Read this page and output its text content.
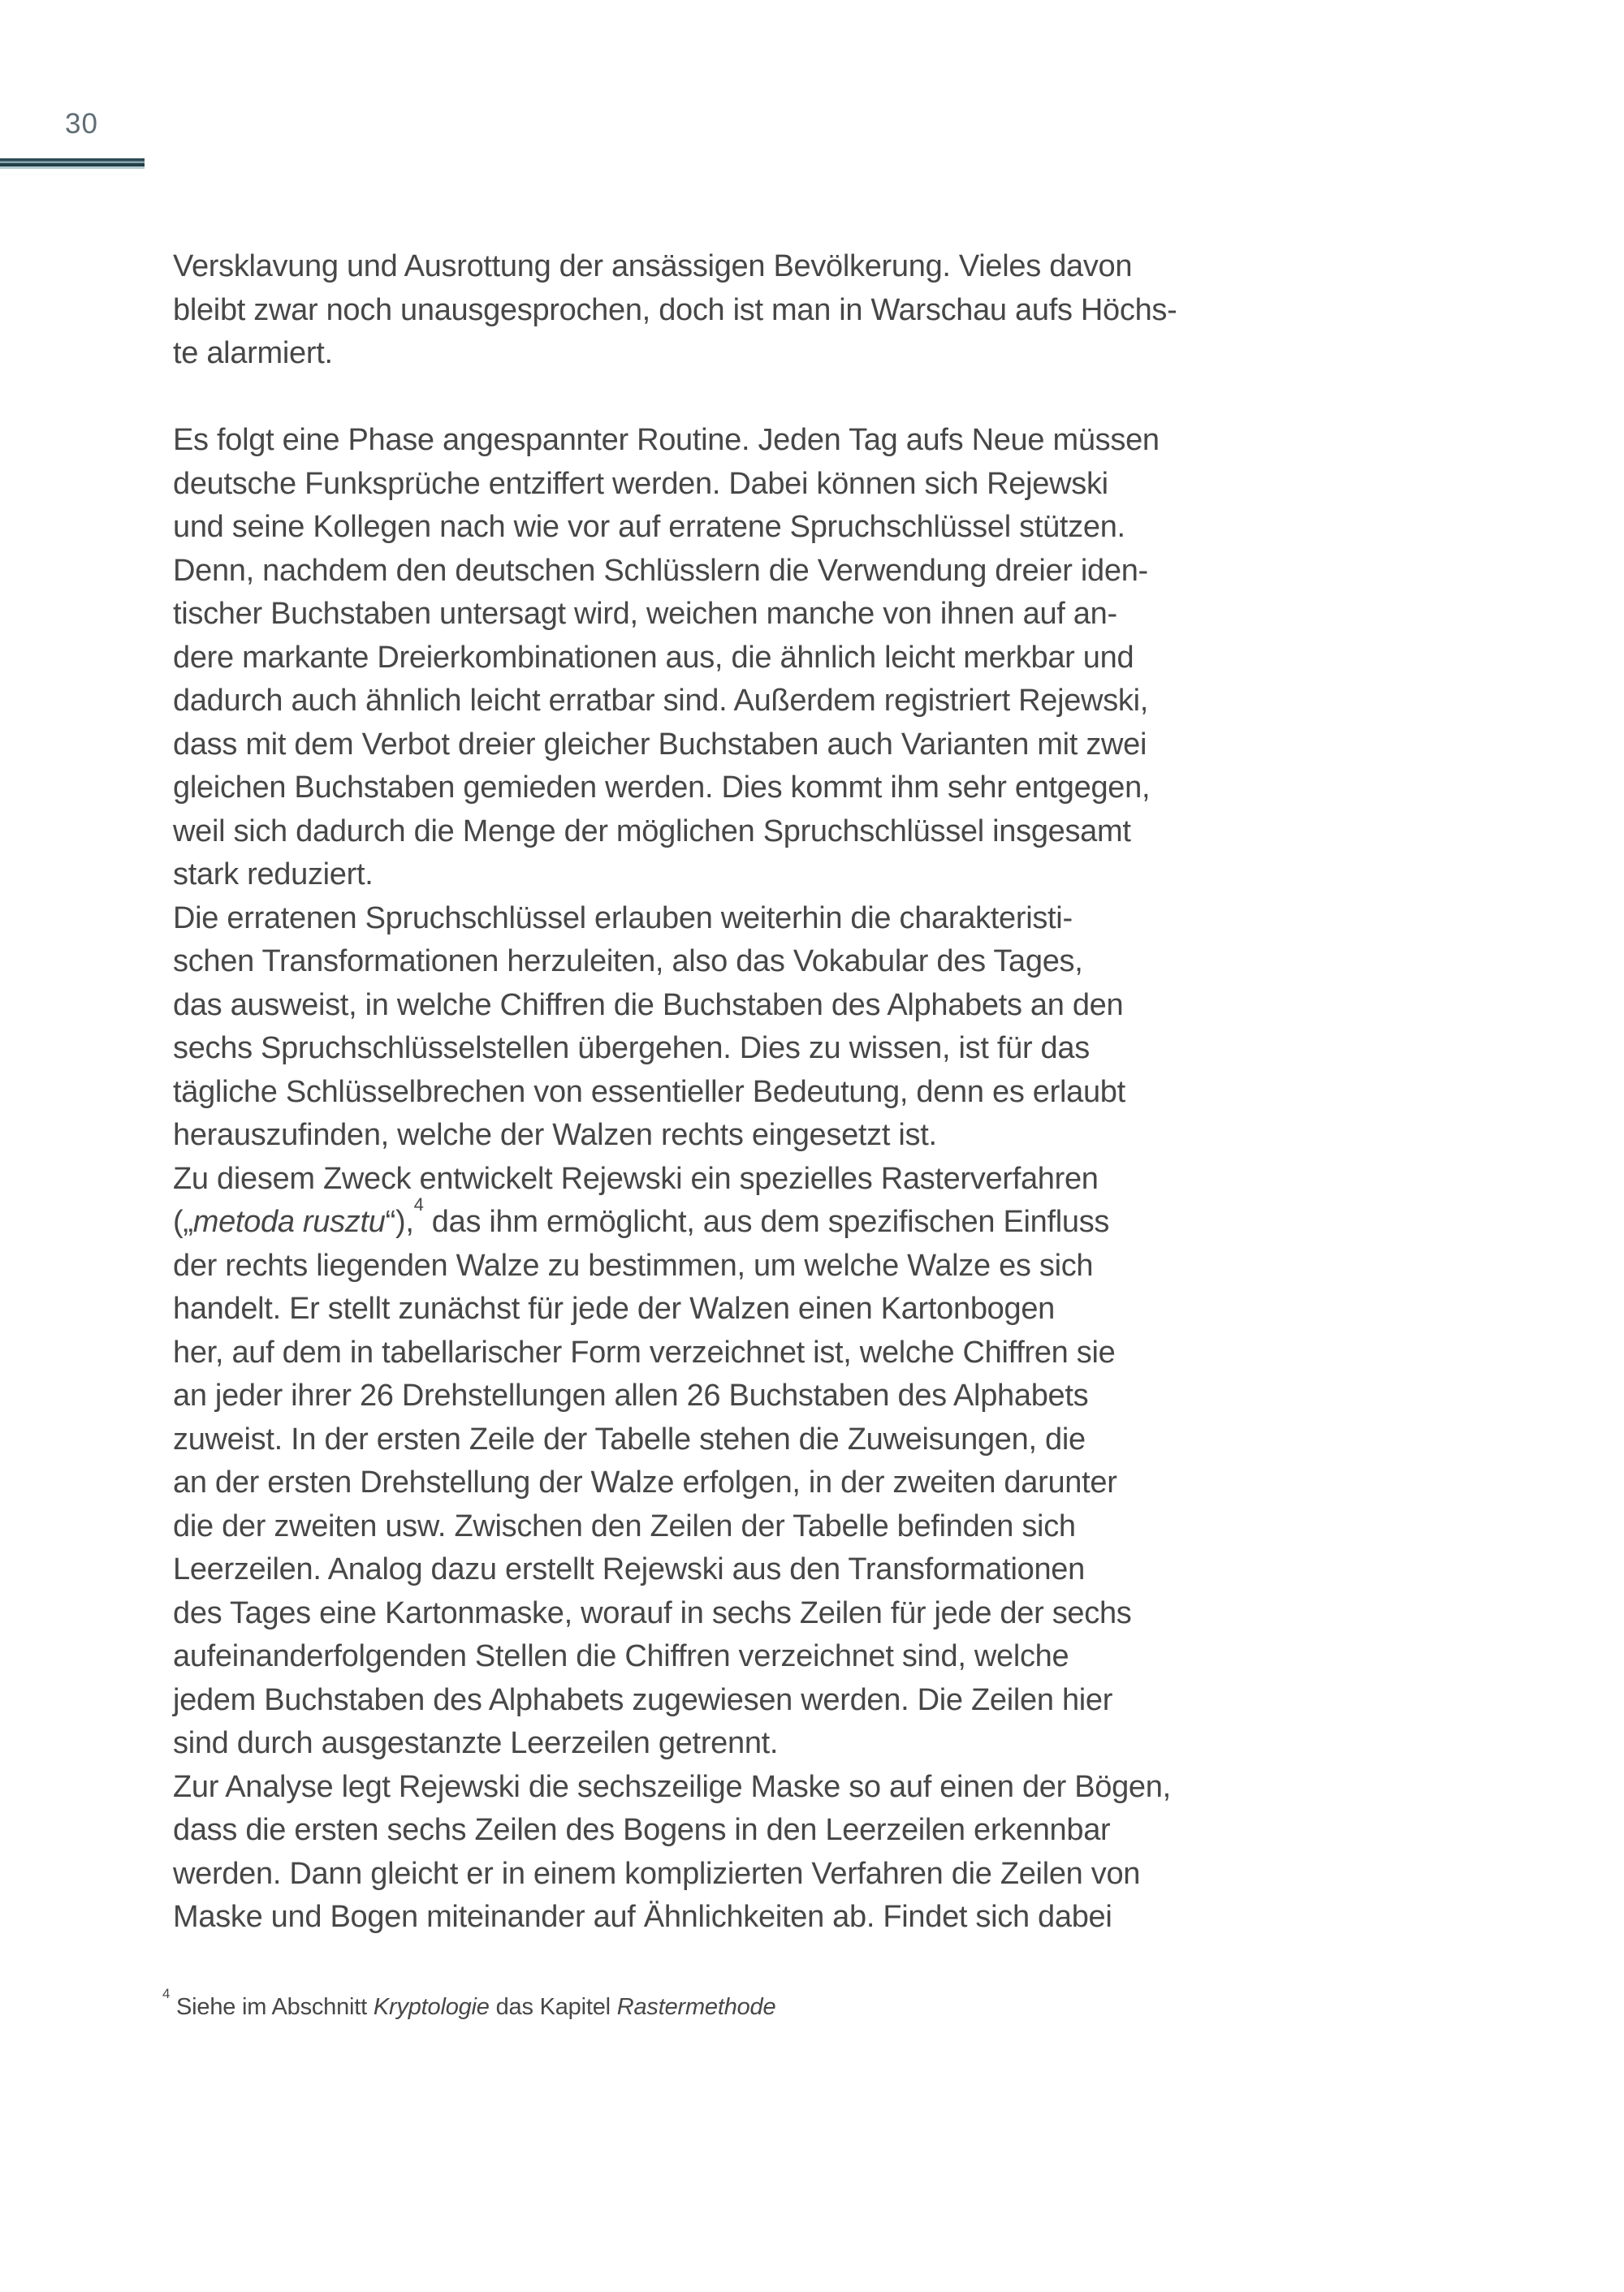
30
Versklavung und Ausrottung der ansässigen Bevölkerung. Vieles davon
bleibt zwar noch unausgesprochen, doch ist man in Warschau aufs Höchs-
te alarmiert.
Es folgt eine Phase angespannter Routine. Jeden Tag aufs Neue müssen
deutsche Funksprüche entziffert werden. Dabei können sich Rejewski
und seine Kollegen nach wie vor auf erratene Spruchschlüssel stützen.
Denn, nachdem den deutschen Schlüsslern die Verwendung dreier iden-
tischer Buchstaben untersagt wird, weichen manche von ihnen auf an-
dere markante Dreierkombinationen aus, die ähnlich leicht merkbar und
dadurch auch ähnlich leicht erratbar sind. Außerdem registriert Rejewski,
dass mit dem Verbot dreier gleicher Buchstaben auch Varianten mit zwei
gleichen Buchstaben gemieden werden. Dies kommt ihm sehr entgegen,
weil sich dadurch die Menge der möglichen Spruchschlüssel insgesamt
stark reduziert.
Die erratenen Spruchschlüssel erlauben weiterhin die charakteristi-
schen Transformationen herzuleiten, also das Vokabular des Tages,
das ausweist, in welche Chiffren die Buchstaben des Alphabets an den
sechs Spruchschlüsselstellen übergehen. Dies zu wissen, ist für das
tägliche Schlüsselbrechen von essentieller Bedeutung, denn es erlaubt
herauszufinden, welche der Walzen rechts eingesetzt ist.
Zu diesem Zweck entwickelt Rejewski ein spezielles Rasterverfahren
(„metoda rusztu“),$^4$ das ihm ermöglicht, aus dem spezifischen Einfluss
der rechts liegenden Walze zu bestimmen, um welche Walze es sich
handelt. Er stellt zunächst für jede der Walzen einen Kartonbogen
her, auf dem in tabellarischer Form verzeichnet ist, welche Chiffren sie
an jeder ihrer 26 Drehstellungen allen 26 Buchstaben des Alphabets
zuweist. In der ersten Zeile der Tabelle stehen die Zuweisungen, die
an der ersten Drehstellung der Walze erfolgen, in der zweiten darunter
die der zweiten usw. Zwischen den Zeilen der Tabelle befinden sich
Leerzeilen. Analog dazu erstellt Rejewski aus den Transformationen
des Tages eine Kartonmaske, worauf in sechs Zeilen für jede der sechs
aufeinanderfolgenden Stellen die Chiffren verzeichnet sind, welche
jedem Buchstaben des Alphabets zugewiesen werden. Die Zeilen hier
sind durch ausgestanzte Leerzeilen getrennt.
Zur Analyse legt Rejewski die sechszeilige Maske so auf einen der Bögen,
dass die ersten sechs Zeilen des Bogens in den Leerzeilen erkennbar
werden. Dann gleicht er in einem komplizierten Verfahren die Zeilen von
Maske und Bogen miteinander auf Ähnlichkeiten ab. Findet sich dabei
$^4$ Siehe im Abschnitt Kryptologie das Kapitel Rastermethode
